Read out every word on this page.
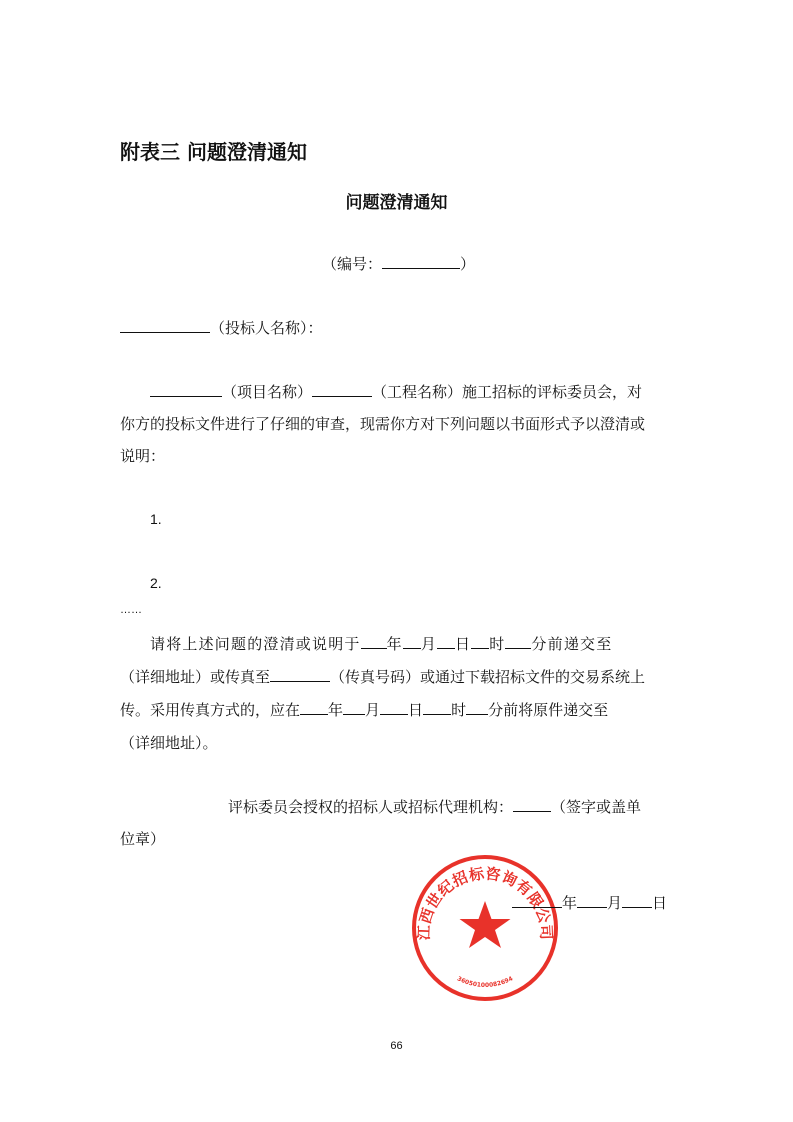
附表三 问题澄清通知
问题澄清通知
（编号：	）
（投标人名称）：
（项目名称）	（工程名称）施工招标的评标委员会，对
你方的投标文件进行了仔细的审查，现需你方对下列问题以书面形式予以澄清或
说明：
1.
2.
……
请将上述问题的澄清或说明于 年 月 日 时 分前递交至
（详细地址）或传真至	（传真号码）或通过下载招标文件的交易系统上
传。采用传真方式的，应在 年 月 日 时 分前将原件递交至
（详细地址）。
评标委员会授权的招标人或招标代理机构：	（签字或盖单
位章）
江西世纪招标咨询有限公司
36050100082694
年 月 日
66
